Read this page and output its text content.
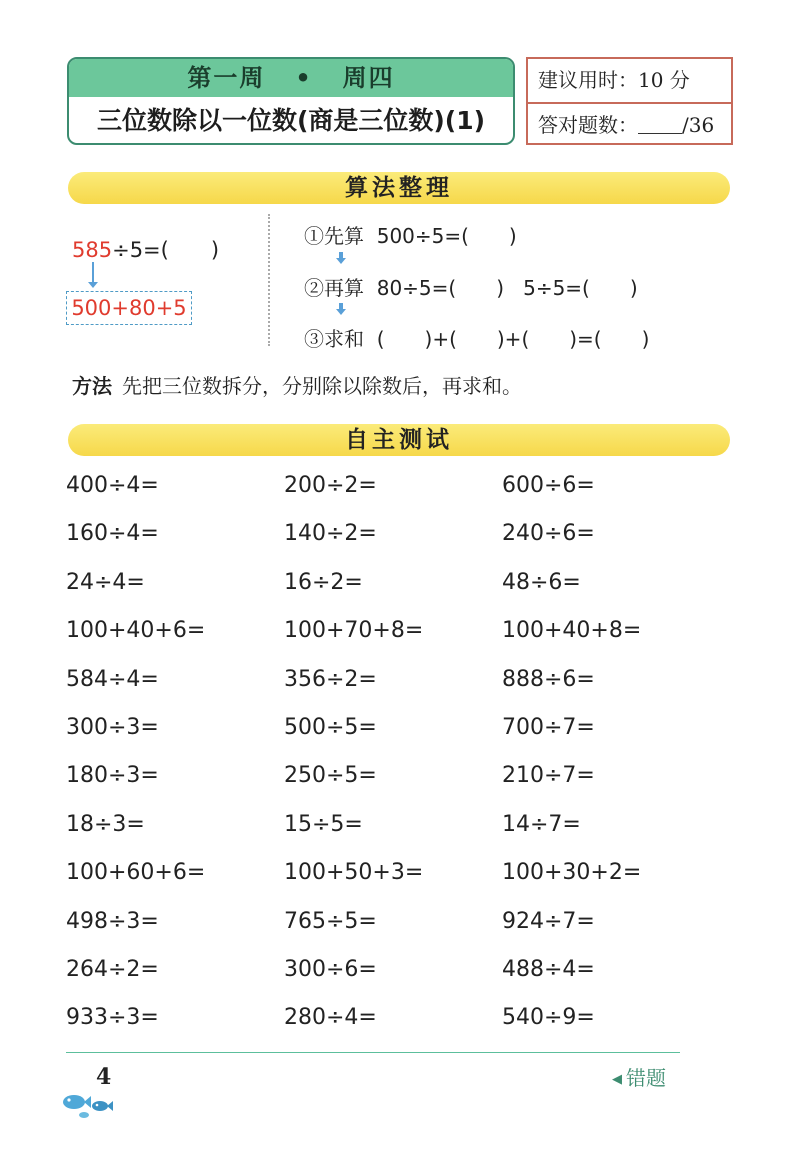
第一周 • 周四
三位数除以一位数(商是三位数)(1)
建议用时：10 分
答对题数： /36
算法整理
585÷5=(　　)
500+80+5
①先算 500÷5=(　　)
②再算 80÷5=(　　) 5÷5=(　　)
③求和 (　　)+(　　)+(　　)=(　　)
方法 先把三位数拆分，分别除以除数后，再求和。
自主测试
400÷4=	200÷2=	600÷6=
160÷4=	140÷2=	240÷6=
24÷4=	16÷2=	48÷6=
100+40+6=	100+70+8=	100+40+8=
584÷4=	356÷2=	888÷6=
300÷3=	500÷5=	700÷7=
180÷3=	250÷5=	210÷7=
18÷3=	15÷5=	14÷7=
100+60+6=	100+50+3=	100+30+2=
498÷3=	765÷5=	924÷7=
264÷2=	300÷6=	488÷4=
933÷3=	280÷4=	540÷9=
4	◀ 错题
